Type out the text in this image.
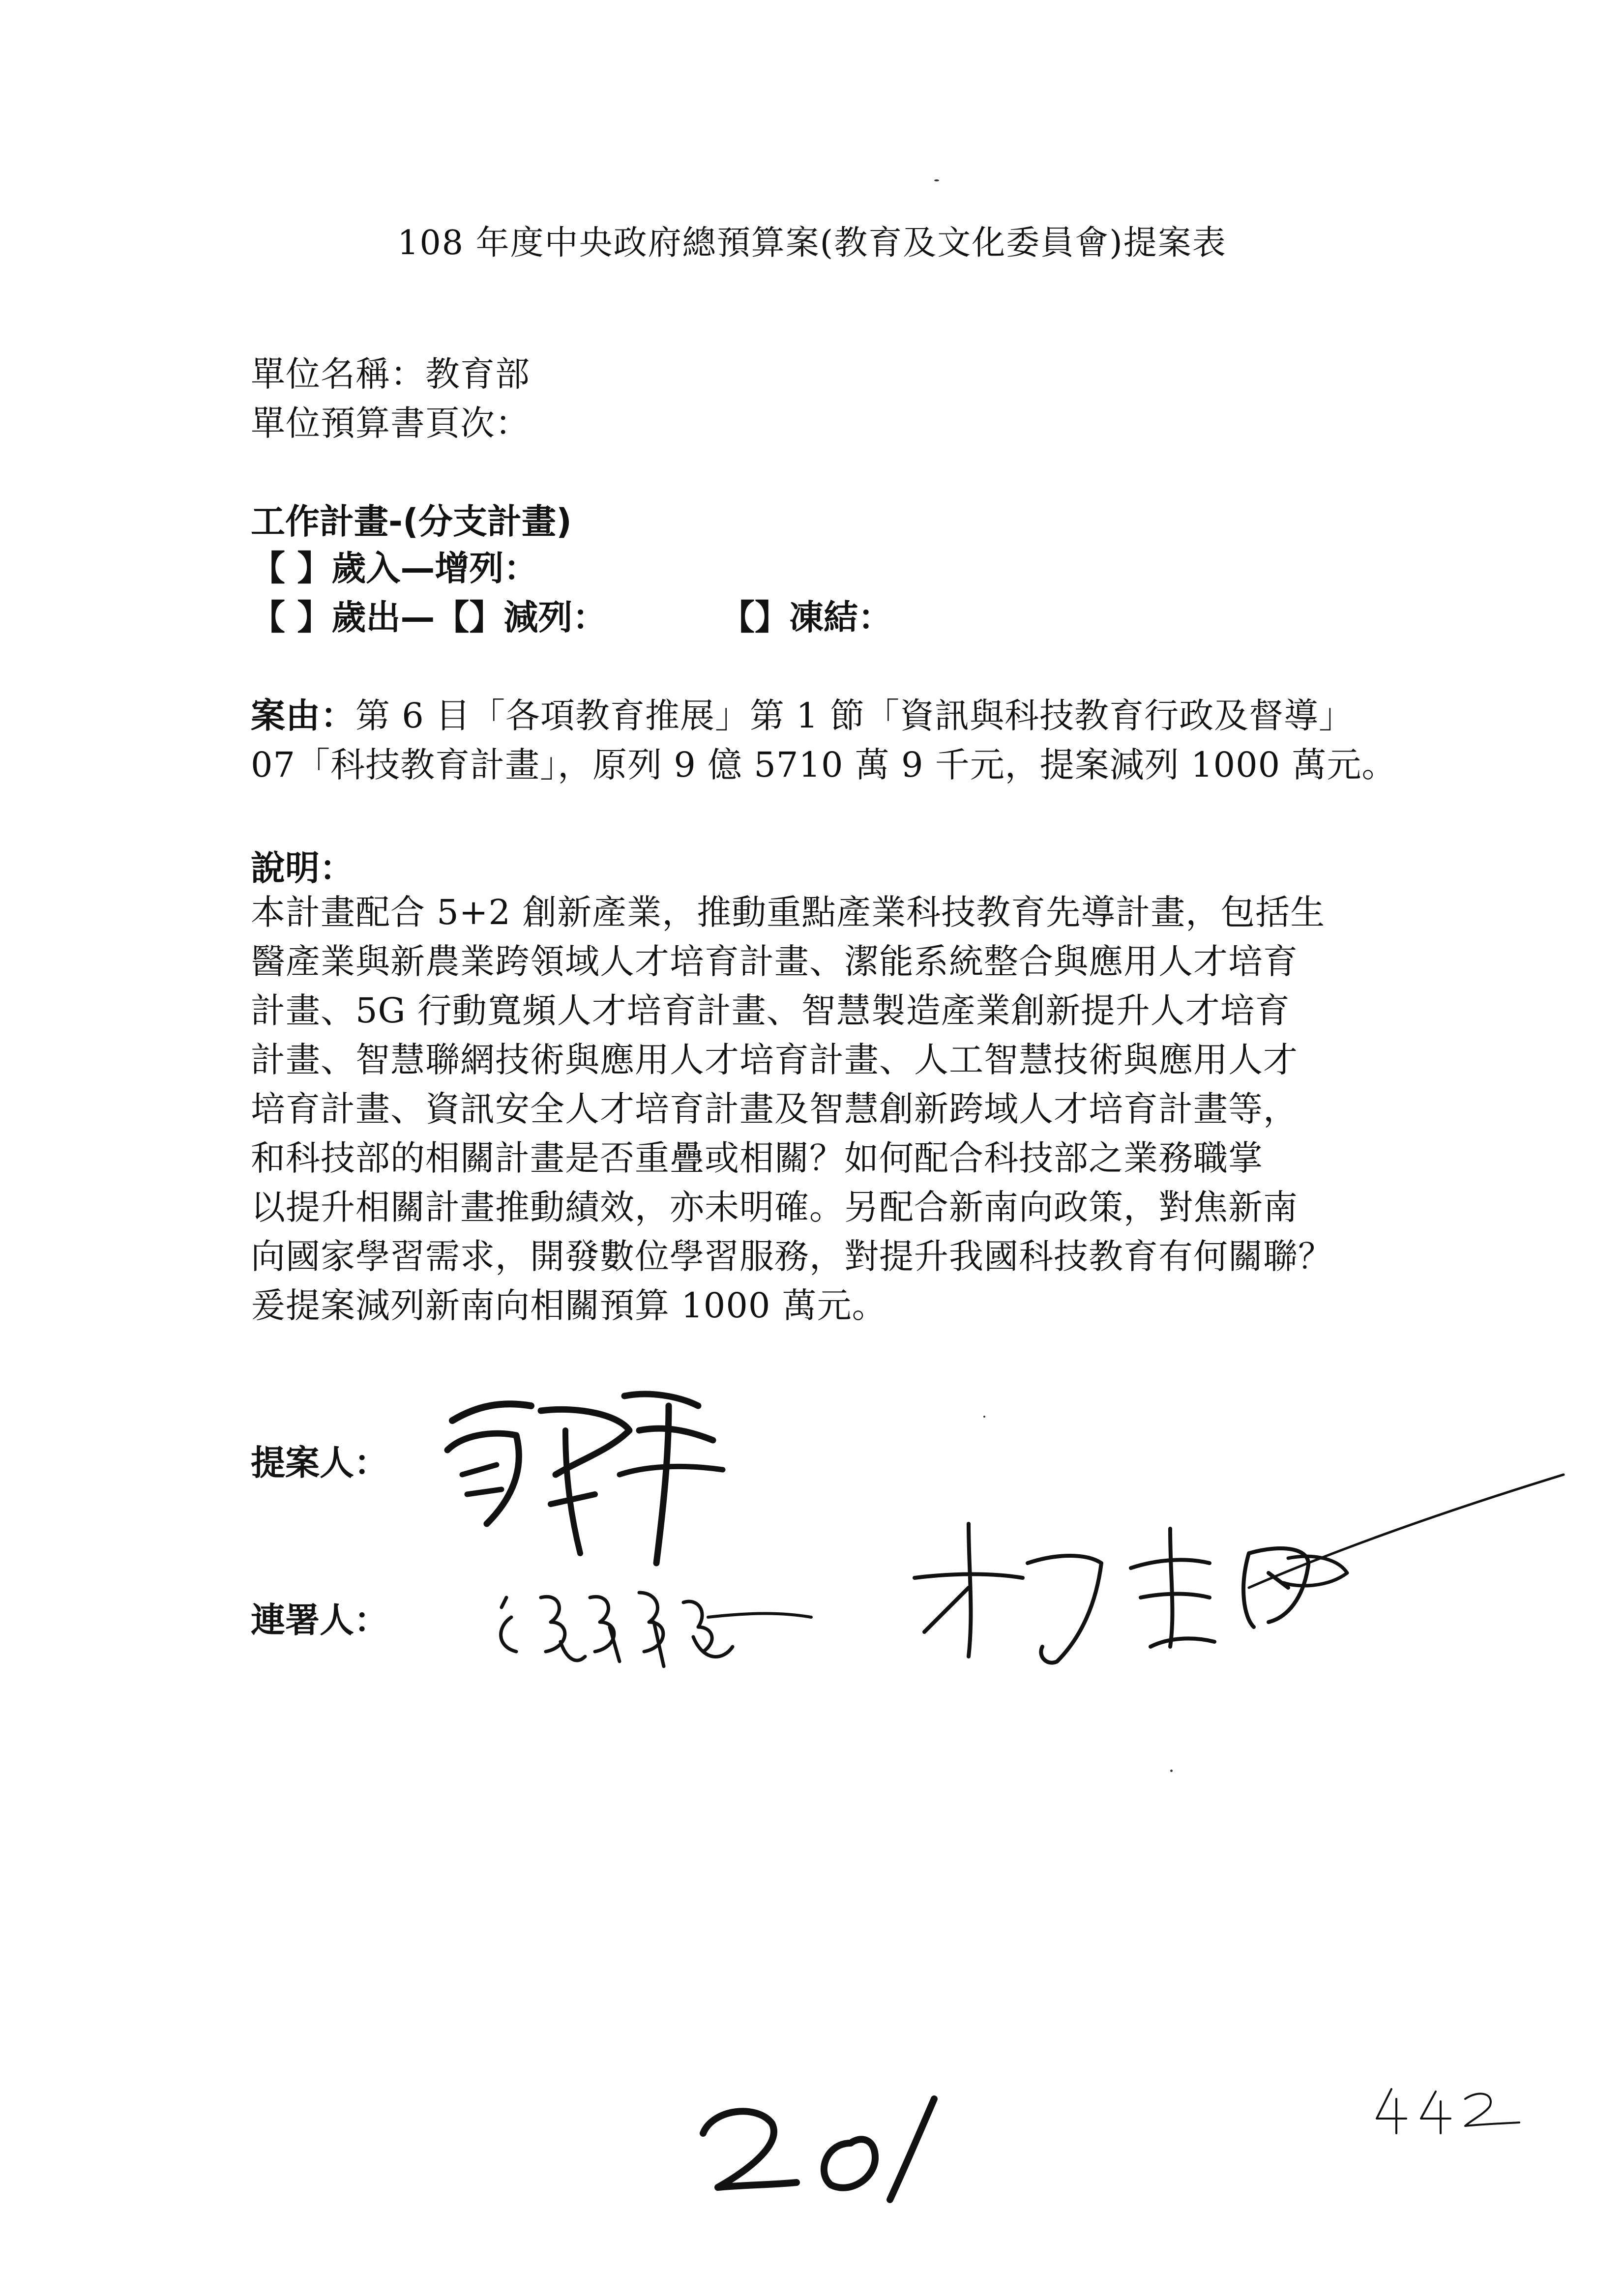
108 年度中央政府總預算案(教育及文化委員會)提案表
單位名稱：教育部
單位預算書頁次：
工作計畫-(分支計畫)
【 】歲入—增列：
【 】歲出—【】減列：	【】凍結：
案由：第 6 目「各項教育推展」第 1 節「資訊與科技教育行政及督導」
07「科技教育計畫」，原列 9 億 5710 萬 9 千元，提案減列 1000 萬元。
說明：
本計畫配合 5+2 創新產業，推動重點產業科技教育先導計畫，包括生
醫產業與新農業跨領域人才培育計畫、潔能系統整合與應用人才培育
計畫、5G 行動寬頻人才培育計畫、智慧製造產業創新提升人才培育
計畫、智慧聯網技術與應用人才培育計畫、人工智慧技術與應用人才
培育計畫、資訊安全人才培育計畫及智慧創新跨域人才培育計畫等，
和科技部的相關計畫是否重疊或相關？如何配合科技部之業務職掌
以提升相關計畫推動績效，亦未明確。另配合新南向政策，對焦新南
向國家學習需求，開發數位學習服務，對提升我國科技教育有何關聯？
爰提案減列新南向相關預算 1000 萬元。
提案人：
連署人：
